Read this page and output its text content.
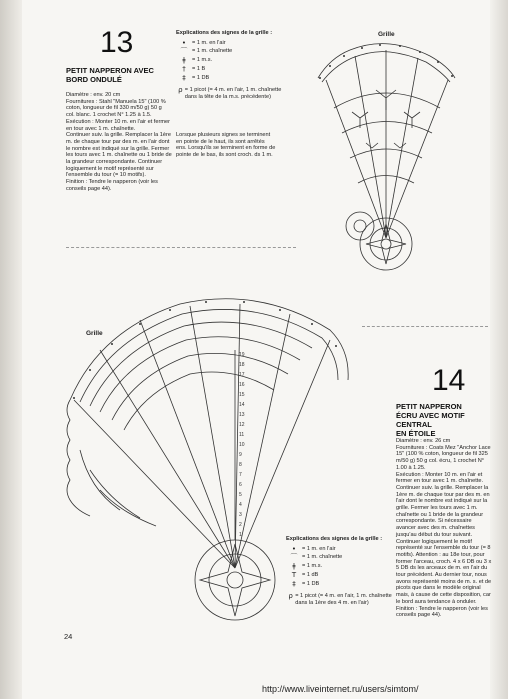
13
PETIT NAPPERON AVEC
BORD ONDULÉ
Diamètre : env. 20 cm
Fournitures : Stahl "Manuela 15" (100 % coton, longueur de fil 330 m/50 g) 50 g col. blanc. 1 crochet N° 1.25 à 1.5.
Exécution : Monter 10 m. en l'air et fermer en tour avec 1 m. chaînette.
Continuer suiv. la grille. Remplacer la 1ère m. de chaque tour par des m. en l'air dont le nombre est indiqué sur la grille. Fermer les tours avec 1 m. chaînette ou 1 bride de la grandeur correspondante. Continuer logiquement le motif représenté sur l'ensemble du tour (= 10 motifs).
Finition : Tendre le napperon (voir les conseils page 44).
Explications des signes de la grille :
•	= 1 m. en l'air
⌒ = 1 m. chaînette
ǂ	= 1 m.s.
†	= 1 B
‡	= 1 DB
ρ = 1 picot (= 4 m. en l'air, 1 m. chaînette dans la tête de la m.s. précédente)
Lorsque plusieurs signes se terminent en pointe de le haut, ils sont arrêtés ens. Lorsqu'ils se terminent en forme de pointe de le bas, ils sont croch. ds 1 m.
Grille
Grille
1
2
3
4
5
6
7
8
9
10
11
12
13
14
15
16
17
18
19
14
PETIT NAPPERON
ÉCRU AVEC MOTIF CENTRAL
EN ÉTOILE
Diamètre : env. 26 cm
Fournitures : Coats Mez "Anchor Lace 15" (100 % coton, longueur de fil 325 m/50 g) 50 g col. écru, 1 crochet N° 1.00 à 1.25.
Exécution : Monter 10 m. en l'air et fermer en tour avec 1 m. chaînette. Continuer suiv. la grille. Remplacer la 1ère m. de chaque tour par des m. en l'air dont le nombre est indiqué sur la grille. Fermer les tours avec 1 m. chaînette ou 1 bride de la grandeur correspondante. Si nécessaire avancer avec des m. chaînettes jusqu'au début du tour suivant. Continuer logiquement le motif représenté sur l'ensemble du tour (= 8 motifs). Attention : au 18e tour, pour former l'arceau, croch. 4 x 6 DB ou 3 x 5 DB ds les arceaux de m. en l'air du tour précédent. Au dernier tour, nous avons représenté moins de m. s. et de picots que dans le modèle original mais, à cause de cette disposition, car le bord aura tendance à onduler.
Finition : Tendre le napperon (voir les conseils page 44).
Explications des signes de la grille :
•	= 1 m. en l'air
⌒ = 1 m. chaînette
ǂ	= 1 m.s.
T	= 1 dB
‡	= 1 DB
ρ = 1 picot (= 4 m. en l'air, 1 m. chaînette dans la 1ère des 4 m. en l'air)
24
http://www.liveinternet.ru/users/simtom/
